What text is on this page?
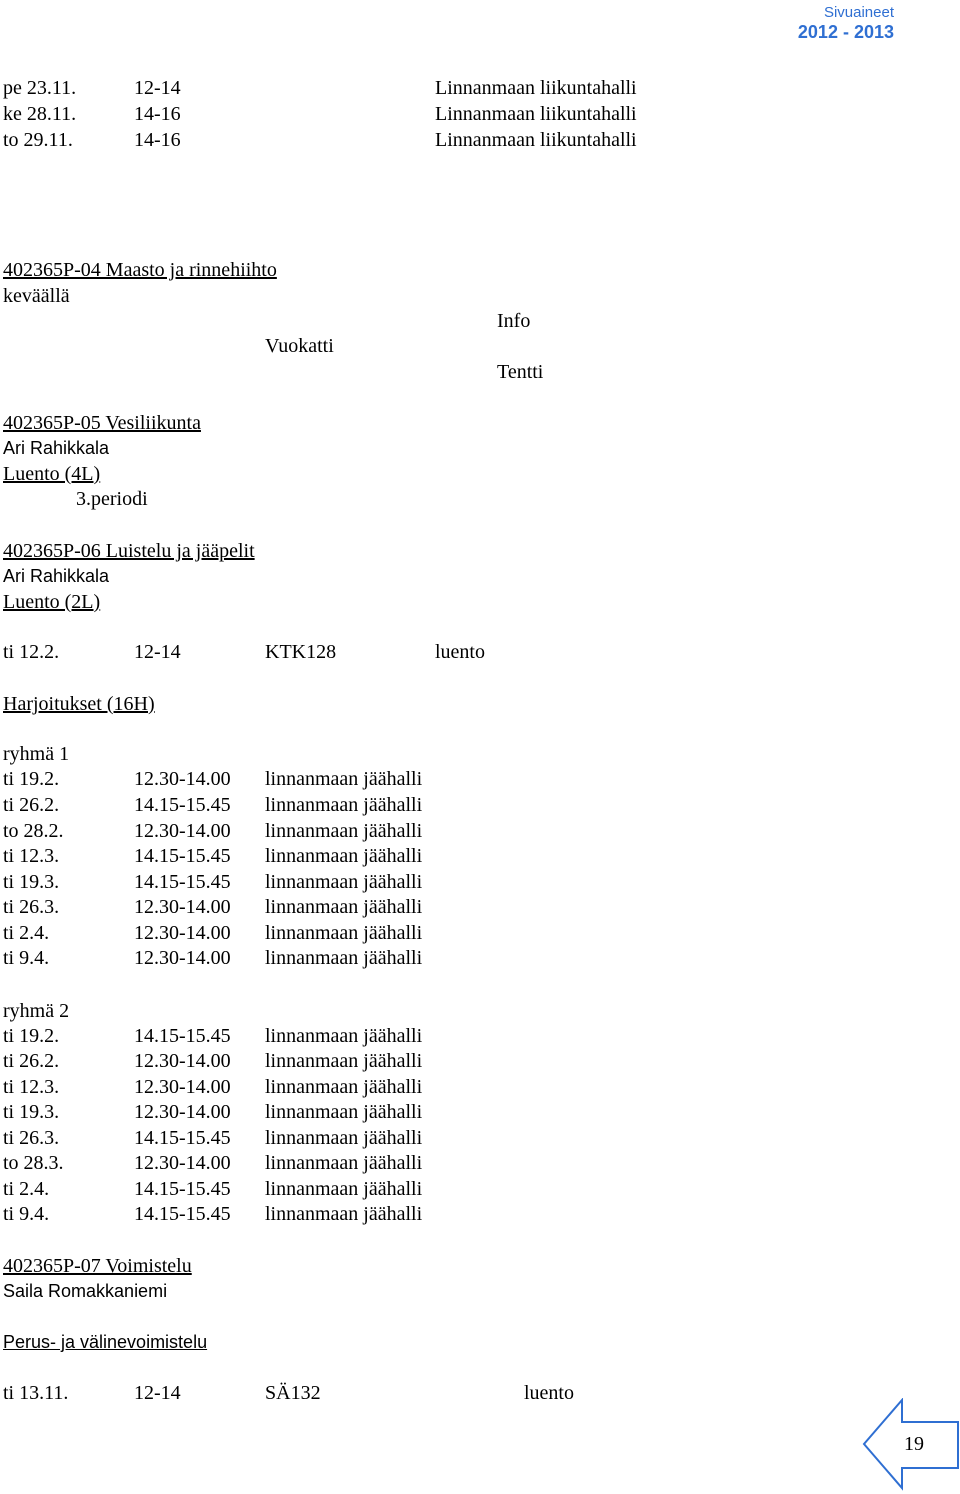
Sivuaineet
2012 - 2013
pe 23.11.	12-14	Linnanmaan liikuntahalli
ke 28.11.	14-16	Linnanmaan liikuntahalli
to 29.11.	14-16	Linnanmaan liikuntahalli
402365P-04 Maasto ja rinnehiihto
keväällä
Info
Vuokatti
Tentti
402365P-05 Vesiliikunta
Ari Rahikkala
Luento (4L)
3.periodi
402365P-06 Luistelu ja jääpelit
Ari Rahikkala
Luento (2L)
ti 12.2.	12-14	KTK128	luento
Harjoitukset (16H)
ryhmä 1
ti 19.2.	12.30-14.00 linnanmaan jäähalli
ti 26.2.	14.15-15.45 linnanmaan jäähalli
to 28.2.	12.30-14.00 linnanmaan jäähalli
ti 12.3.	14.15-15.45 linnanmaan jäähalli
ti 19.3.	14.15-15.45 linnanmaan jäähalli
ti 26.3.	12.30-14.00 linnanmaan jäähalli
ti 2.4.	12.30-14.00 linnanmaan jäähalli
ti 9.4.	12.30-14.00 linnanmaan jäähalli
ryhmä 2
ti 19.2.	14.15-15.45 linnanmaan jäähalli
ti 26.2.	12.30-14.00 linnanmaan jäähalli
ti 12.3.	12.30-14.00 linnanmaan jäähalli
ti 19.3.	12.30-14.00 linnanmaan jäähalli
ti 26.3.	14.15-15.45 linnanmaan jäähalli
to 28.3.	12.30-14.00 linnanmaan jäähalli
ti 2.4.	14.15-15.45 linnanmaan jäähalli
ti 9.4.	14.15-15.45 linnanmaan jäähalli
402365P-07 Voimistelu
Saila Romakkaniemi
Perus- ja välinevoimistelu
ti 13.11.	12-14	SÄ132	luento
19
